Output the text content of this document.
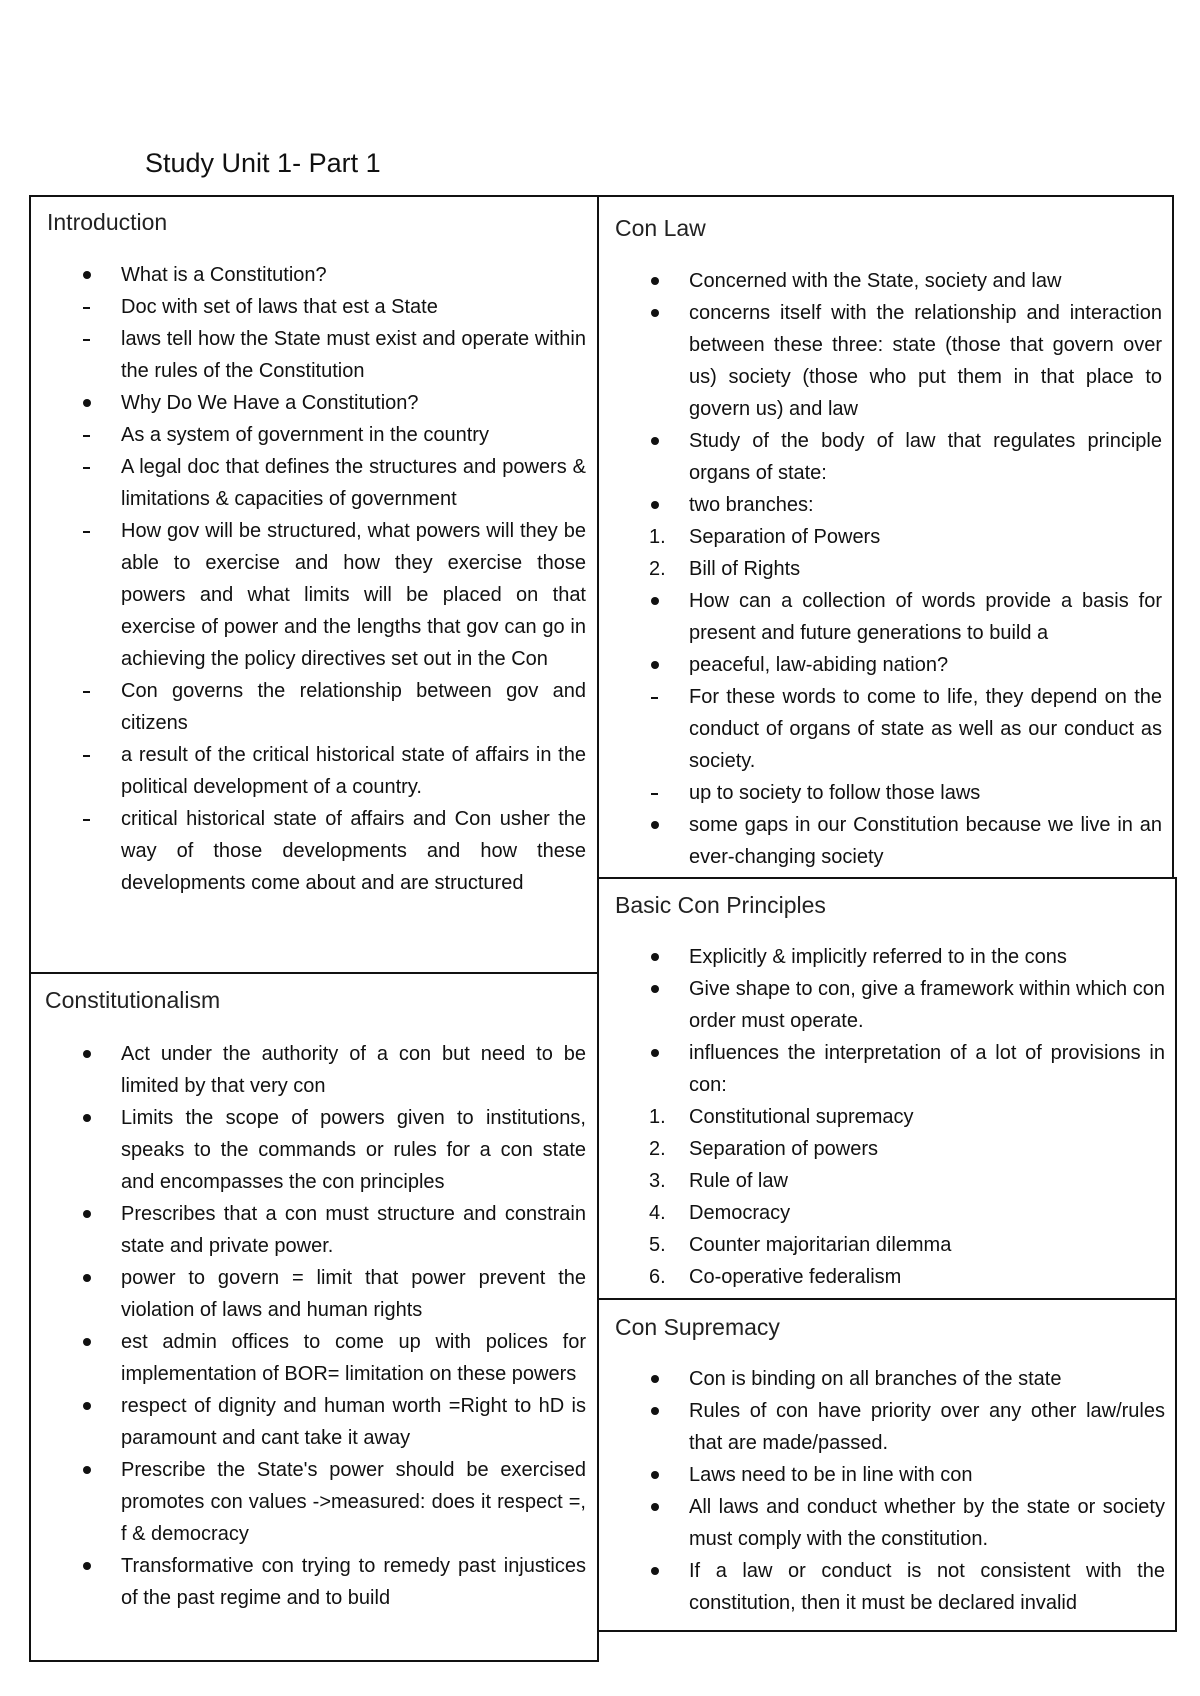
Study Unit 1- Part 1
Introduction
What is a Constitution?
Doc with set of laws that est a State
laws tell how the State must exist and operate within the rules of the Constitution
Why Do We Have a Constitution?
As a system of government in the country
A legal doc that defines the structures and powers & limitations & capacities of government
How gov will be structured, what powers will they be able to exercise and how they exercise those powers and what limits will be placed on that exercise of power and the lengths that gov can go in achieving the policy directives set out in the Con
Con governs the relationship between gov and citizens
a result of the critical historical state of affairs in the political development of a country.
critical historical state of affairs and Con usher the way of those developments and how these developments come about and are structured
Constitutionalism
Act under the authority of a con but need to be limited by that very con
Limits the scope of powers given to institutions, speaks to the commands or rules for a con state and encompasses the con principles
Prescribes that a con must structure and constrain state and private power.
power to govern = limit that power prevent the violation of laws and human rights
est admin offices to come up with polices for implementation of BOR= limitation on these powers
respect of dignity and human worth =Right to hD is paramount and cant take it away
Prescribe the State's power should be exercised promotes con values ->measured: does it respect =, f & democracy
Transformative con trying to remedy past injustices of the past regime and to build
Con Law
Concerned with the State, society and law
concerns itself with the relationship and interaction between these three: state (those that govern over us) society (those who put them in that place to govern us) and law
Study of the body of law that regulates principle organs of state:
two branches:
1.	Separation of Powers
2.	Bill of Rights
How can a collection of words provide a basis for present and future generations to build a
peaceful, law-abiding nation?
For these words to come to life, they depend on the conduct of organs of state as well as our conduct as society.
up to society to follow those laws
some gaps in our Constitution because we live in an ever-changing society
Basic Con Principles
Explicitly & implicitly referred to in the cons
Give shape to con, give a framework within which con order must operate.
influences the interpretation of a lot of provisions in con:
1.	Constitutional supremacy
2.	Separation of powers
3.	Rule of law
4.	Democracy
5.	Counter majoritarian dilemma
6.	Co-operative federalism
Con Supremacy
Con is binding on all branches of the state
Rules of con have priority over any other law/rules that are made/passed.
Laws need to be in line with con
All laws and conduct whether by the state or society must comply with the constitution.
If a law or conduct is not consistent with the constitution, then it must be declared invalid
